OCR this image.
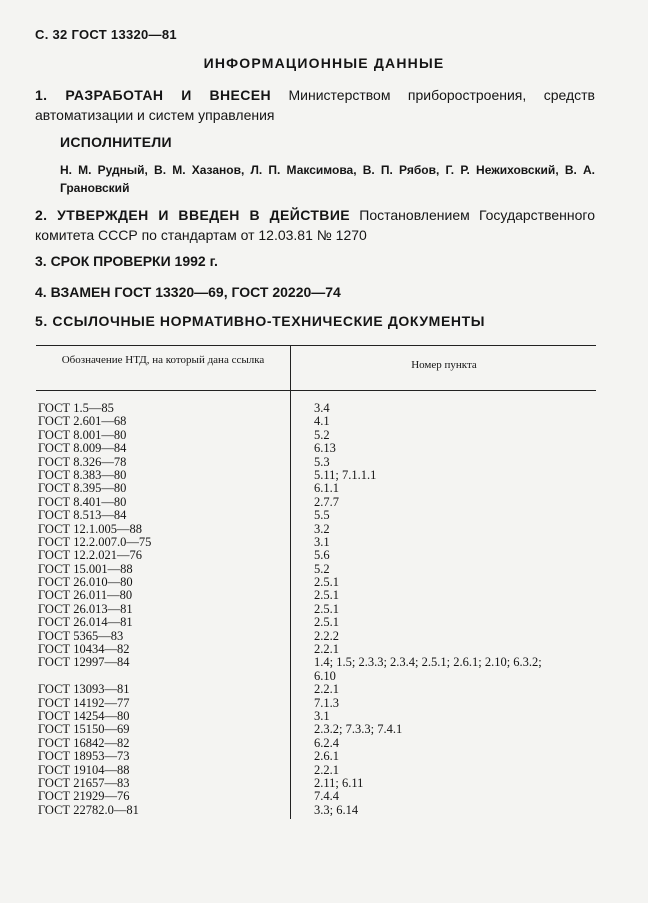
С. 32 ГОСТ 13320—81
ИНФОРМАЦИОННЫЕ ДАННЫЕ
1. РАЗРАБОТАН И ВНЕСЕН Министерством приборостроения, средств автоматизации и систем управления
ИСПОЛНИТЕЛИ
Н. М. Рудный, В. М. Хазанов, Л. П. Максимова, В. П. Рябов, Г. Р. Нежиховский, В. А. Грановский
2. УТВЕРЖДЕН И ВВЕДЕН В ДЕЙСТВИЕ Постановлением Государственного комитета СССР по стандартам от 12.03.81 № 1270
3. СРОК ПРОВЕРКИ 1992 г.
4. ВЗАМЕН ГОСТ 13320—69, ГОСТ 20220—74
5. ССЫЛОЧНЫЕ НОРМАТИВНО-ТЕХНИЧЕСКИЕ ДОКУМЕНТЫ
Обозначение НТД, на который дана ссылка	Номер пункта
ГОСТ 1.5—85	3.4
ГОСТ 2.601—68	4.1
ГОСТ 8.001—80	5.2
ГОСТ 8.009—84	6.13
ГОСТ 8.326—78	5.3
ГОСТ 8.383—80	5.11; 7.1.1.1
ГОСТ 8.395—80	6.1.1
ГОСТ 8.401—80	2.7.7
ГОСТ 8.513—84	5.5
ГОСТ 12.1.005—88	3.2
ГОСТ 12.2.007.0—75	3.1
ГОСТ 12.2.021—76	5.6
ГОСТ 15.001—88	5.2
ГОСТ 26.010—80	2.5.1
ГОСТ 26.011—80	2.5.1
ГОСТ 26.013—81	2.5.1
ГОСТ 26.014—81	2.5.1
ГОСТ 5365—83	2.2.2
ГОСТ 10434—82	2.2.1
ГОСТ 12997—84	1.4; 1.5; 2.3.3; 2.3.4; 2.5.1; 2.6.1; 2.10; 6.3.2; 6.10
ГОСТ 13093—81	2.2.1
ГОСТ 14192—77	7.1.3
ГОСТ 14254—80	3.1
ГОСТ 15150—69	2.3.2; 7.3.3; 7.4.1
ГОСТ 16842—82	6.2.4
ГОСТ 18953—73	2.6.1
ГОСТ 19104—88	2.2.1
ГОСТ 21657—83	2.11; 6.11
ГОСТ 21929—76	7.4.4
ГОСТ 22782.0—81	3.3; 6.14
